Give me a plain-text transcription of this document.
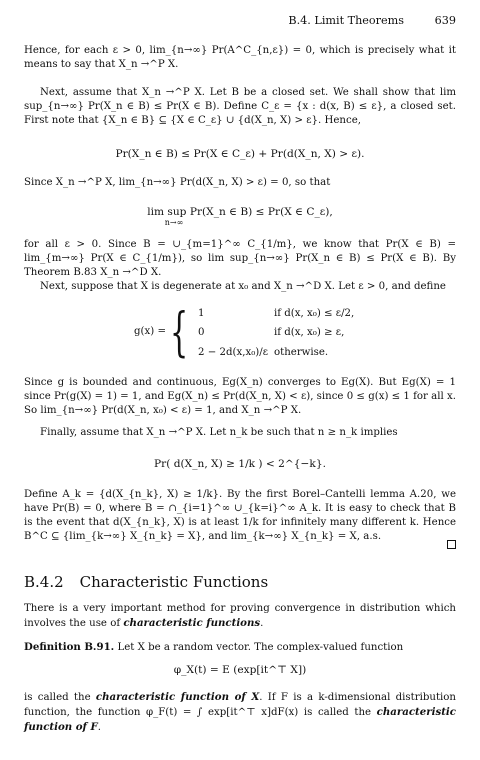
B.4. Limit Theorems	639
Hence, for each ε > 0, lim_{n→∞} Pr(A^C_{n,ε}) = 0, which is precisely what it means to say that X_n →^P X.
Next, assume that X_n →^P X. Let B be a closed set. We shall show that lim sup_{n→∞} Pr(X_n ∈ B) ≤ Pr(X ∈ B). Define C_ε = {x : d(x, B) ≤ ε}, a closed set. First note that {X_n ∈ B} ⊆ {X ∈ C_ε} ∪ {d(X_n, X) > ε}. Hence,
Pr(X_n ∈ B) ≤ Pr(X ∈ C_ε) + Pr(d(X_n, X) > ε).
Since X_n →^P X, lim_{n→∞} Pr(d(X_n, X) > ε) = 0, so that
lim sup Pr(X_n ∈ B) ≤ Pr(X ∈ C_ε),
n→∞
for all ε > 0. Since B = ∪_{m=1}^∞ C_{1/m}, we know that Pr(X ∈ B) = lim_{m→∞} Pr(X ∈ C_{1/m}), so lim sup_{n→∞} Pr(X_n ∈ B) ≤ Pr(X ∈ B). By Theorem B.83 X_n →^D X.
Next, suppose that X is degenerate at x₀ and X_n →^D X. Let ε > 0, and define
g(x) = { 1	if d(x, x₀) ≤ ε/2,
0	if d(x, x₀) ≥ ε,
2 − 2d(x,x₀)/ε otherwise.
Since g is bounded and continuous, Eg(X_n) converges to Eg(X). But Eg(X) = 1 since Pr(g(X) = 1) = 1, and Eg(X_n) ≤ Pr(d(X_n, X) < ε), since 0 ≤ g(x) ≤ 1 for all x. So lim_{n→∞} Pr(d(X_n, x₀) < ε) = 1, and X_n →^P X.
Finally, assume that X_n →^P X. Let n_k be such that n ≥ n_k implies
Pr( d(X_n, X) ≥ 1/k ) < 2^{−k}.
Define A_k = {d(X_{n_k}, X) ≥ 1/k}. By the first Borel–Cantelli lemma A.20, we have Pr(B) = 0, where B = ∩_{i=1}^∞ ∪_{k=i}^∞ A_k. It is easy to check that B is the event that d(X_{n_k}, X) is at least 1/k for infinitely many different k. Hence B^C ⊆ {lim_{k→∞} X_{n_k} = X}, and lim_{k→∞} X_{n_k} = X, a.s.
B.4.2 Characteristic Functions
There is a very important method for proving convergence in distribution which involves the use of characteristic functions.
Definition B.91. Let X be a random vector. The complex-valued function
φ_X(t) = E (exp[it^⊤ X])
is called the characteristic function of X. If F is a k-dimensional distribution function, the function φ_F(t) = ∫ exp[it^⊤ x]dF(x) is called the characteristic function of F.
